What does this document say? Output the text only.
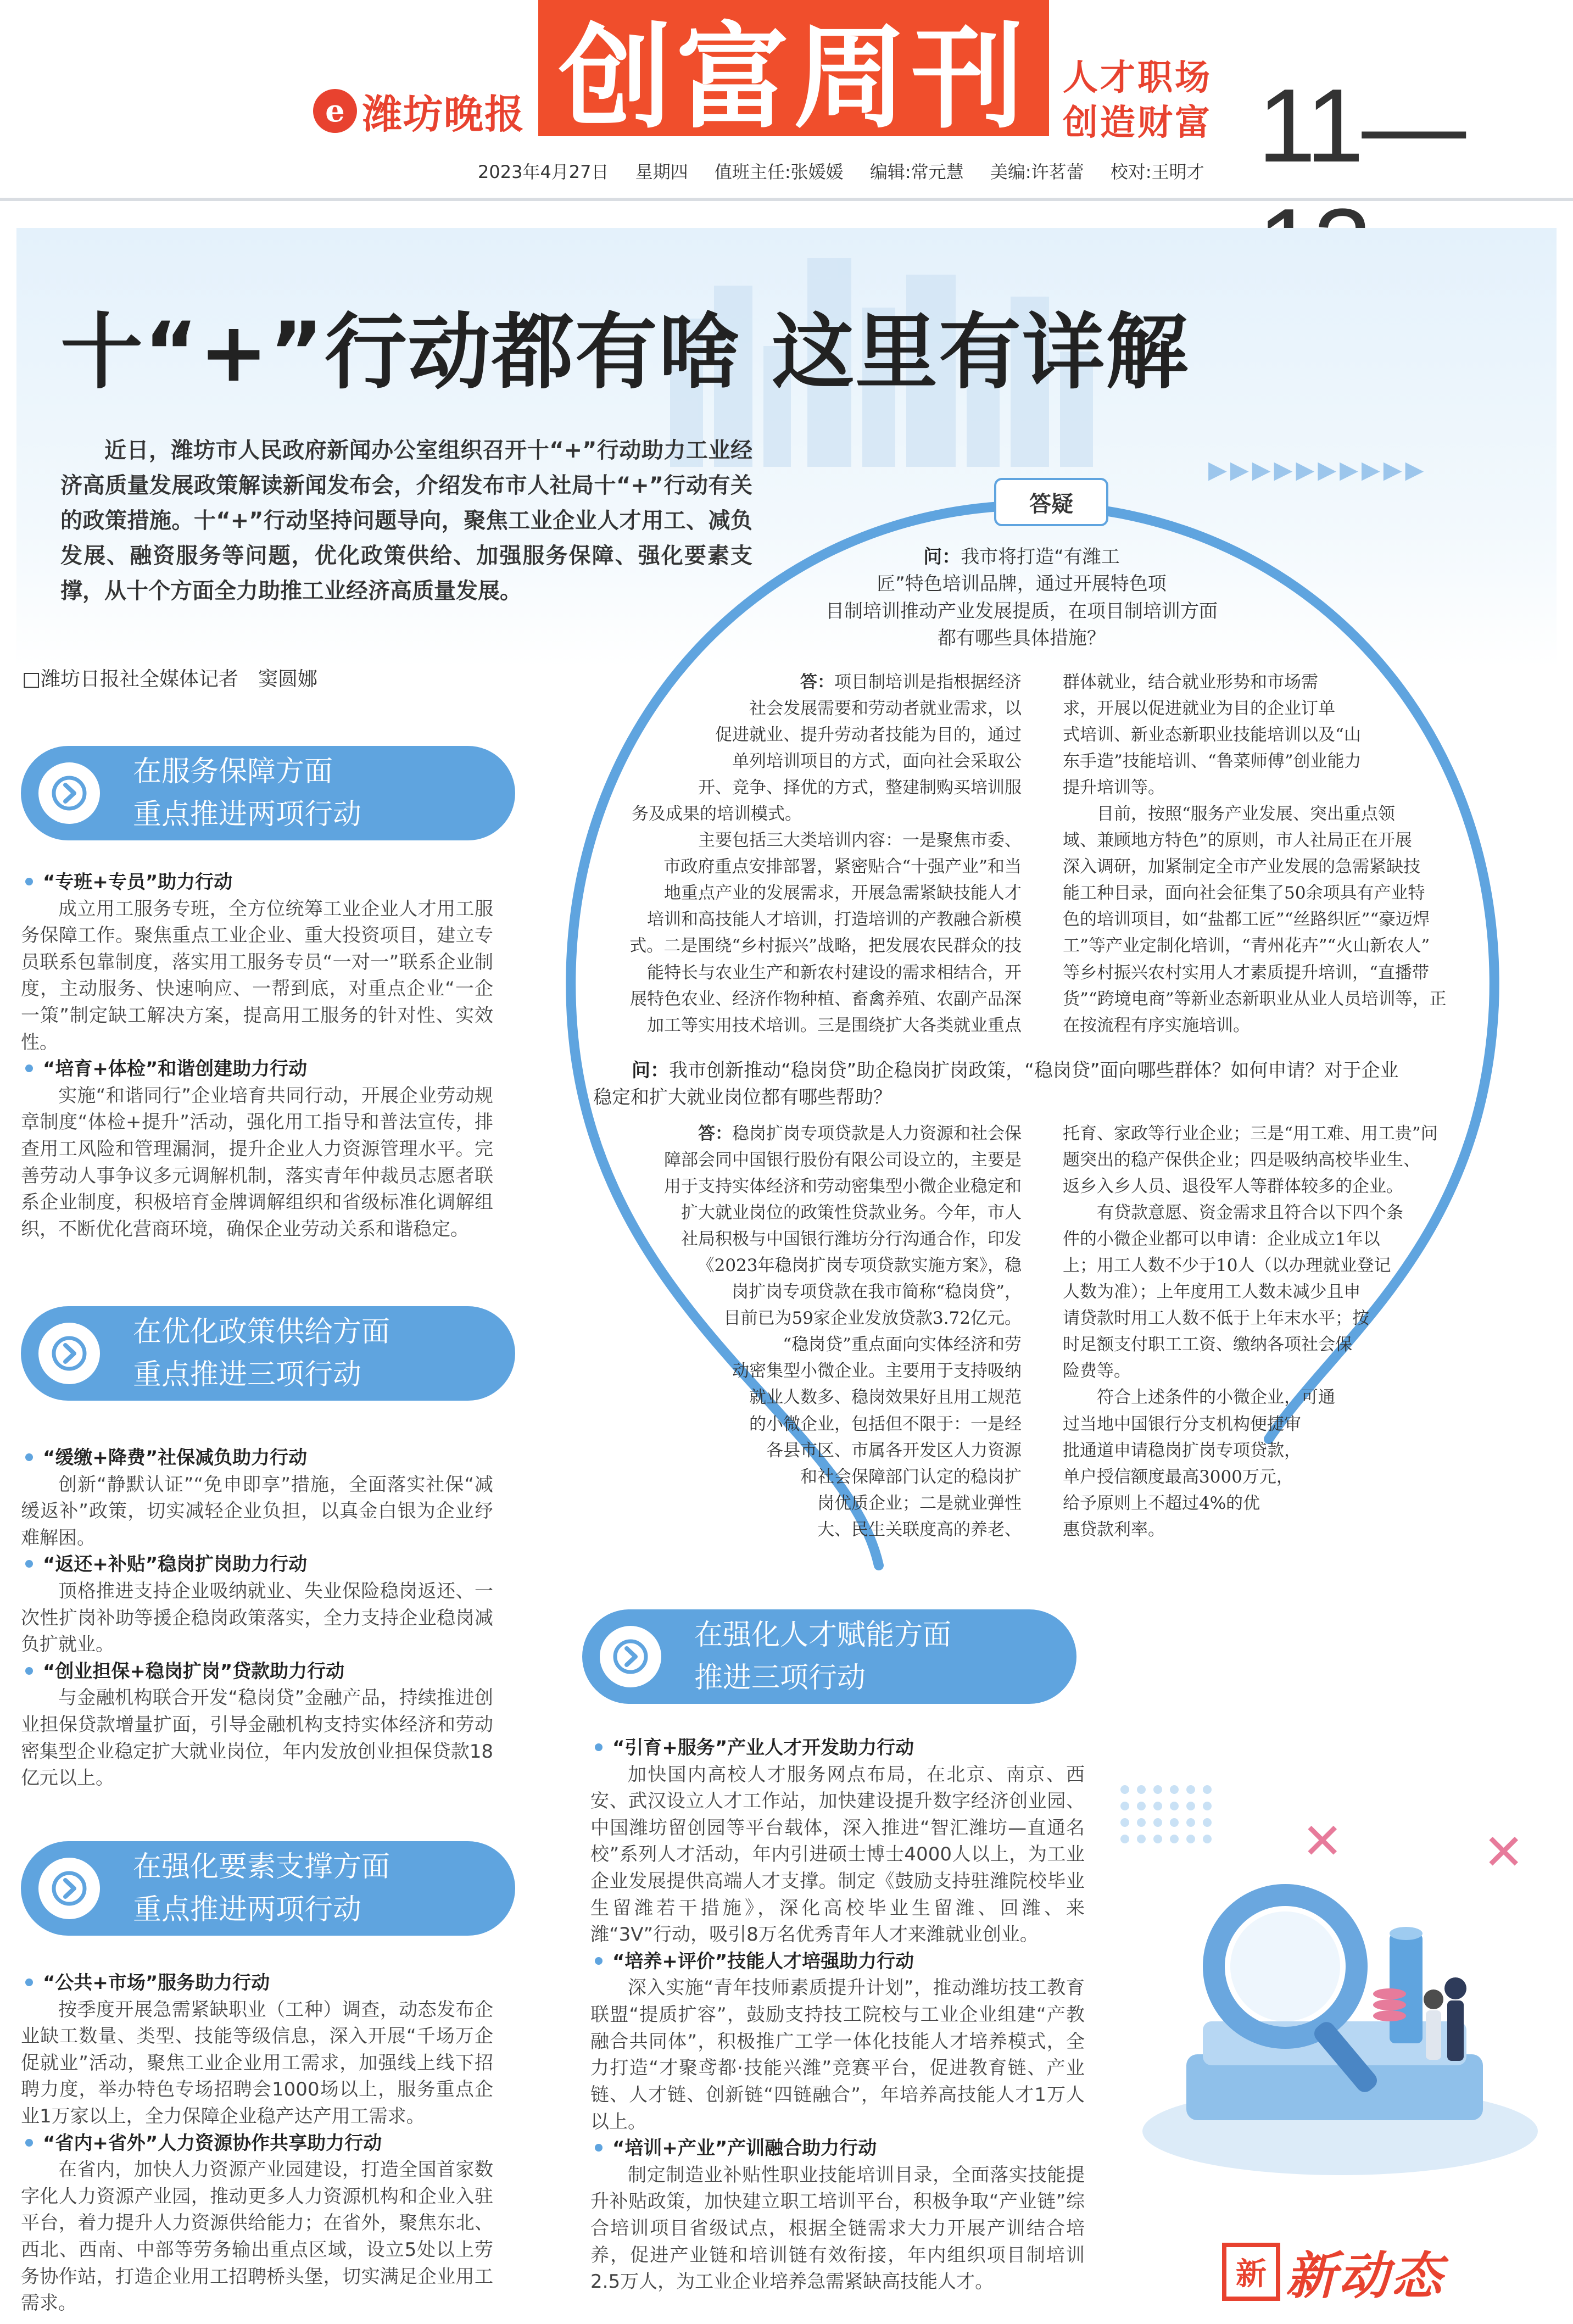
e 潍坊晚报 创富周刊 人才职场
创造财富 11—
2023年4月27日 星期四 值班主任:张媛媛 编辑:常元慧 美编:许茗蕾 校对:王明才
▶▶▶▶▶▶▶▶▶▶
十“+”行动都有啥 这里有详解
近日，潍坊市人民政府新闻办公室组织召开十“+”行动助力工业经济高质量发展政策解读新闻发布会，介绍发布市人社局十“+”行动有关的政策措施。十“+”行动坚持问题导向，聚焦工业企业人才用工、减负发展、融资服务等问题，优化政策供给、加强服务保障、强化要素支撑，从十个方面全力助推工业经济高质量发展。
□潍坊日报社全媒体记者　窦圆娜
在服务保障方面
重点推进两项行动
“专班+专员”助力行动
成立用工服务专班，全方位统筹工业企业人才用工服务保障工作。聚焦重点工业企业、重大投资项目，建立专员联系包靠制度，落实用工服务专员“一对一”联系企业制度，主动服务、快速响应、一帮到底，对重点企业“一企一策”制定缺工解决方案，提高用工服务的针对性、实效性。
“培育+体检”和谐创建助力行动
实施“和谐同行”企业培育共同行动，开展企业劳动规章制度“体检+提升”活动，强化用工指导和普法宣传，排查用工风险和管理漏洞，提升企业人力资源管理水平。完善劳动人事争议多元调解机制，落实青年仲裁员志愿者联系企业制度，积极培育金牌调解组织和省级标准化调解组织，不断优化营商环境，确保企业劳动关系和谐稳定。
在优化政策供给方面
重点推进三项行动
“缓缴+降费”社保减负助力行动
创新“静默认证”“免申即享”措施，全面落实社保“减缓返补”政策，切实减轻企业负担，以真金白银为企业纾难解困。
“返还+补贴”稳岗扩岗助力行动
顶格推进支持企业吸纳就业、失业保险稳岗返还、一次性扩岗补助等援企稳岗政策落实，全力支持企业稳岗减负扩就业。
“创业担保+稳岗扩岗”贷款助力行动
与金融机构联合开发“稳岗贷”金融产品，持续推进创业担保贷款增量扩面，引导金融机构支持实体经济和劳动密集型企业稳定扩大就业岗位，年内发放创业担保贷款18亿元以上。
在强化要素支撑方面
重点推进两项行动
“公共+市场”服务助力行动
按季度开展急需紧缺职业（工种）调查，动态发布企业缺工数量、类型、技能等级信息，深入开展“千场万企促就业”活动，聚焦工业企业用工需求，加强线上线下招聘力度，举办特色专场招聘会1000场以上，服务重点企业1万家以上，全力保障企业稳产达产用工需求。
“省内+省外”人力资源协作共享助力行动
在省内，加快人力资源产业园建设，打造全国首家数字化人力资源产业园，推动更多人力资源机构和企业入驻平台，着力提升人力资源供给能力；在省外，聚焦东北、西北、西南、中部等劳务输出重点区域，设立5处以上劳务协作站，打造企业用工招聘桥头堡，切实满足企业用工需求。
答疑
问：我市将打造“有潍工
匠”特色培训品牌，通过开展特色项
目制培训推动产业发展提质，在项目制培训方面
都有哪些具体措施？
答：项目制培训是指根据经济
社会发展需要和劳动者就业需求，以
促进就业、提升劳动者技能为目的，通过
单列培训项目的方式，面向社会采取公
开、竞争、择优的方式，整建制购买培训服
务及成果的培训模式。
　　主要包括三大类培训内容：一是聚焦市委、
市政府重点安排部署，紧密贴合“十强产业”和当
地重点产业的发展需求，开展急需紧缺技能人才
培训和高技能人才培训，打造培训的产教融合新模
式。二是围绕“乡村振兴”战略，把发展农民群众的技
能特长与农业生产和新农村建设的需求相结合，开
展特色农业、经济作物种植、畜禽养殖、农副产品深
加工等实用技术培训。三是围绕扩大各类就业重点
群体就业，结合就业形势和市场需
求，开展以促进就业为目的企业订单
式培训、新业态新职业技能培训以及“山
东手造”技能培训、“鲁菜师傅”创业能力
提升培训等。
　　目前，按照“服务产业发展、突出重点领
域、兼顾地方特色”的原则，市人社局正在开展
深入调研，加紧制定全市产业发展的急需紧缺技
能工种目录，面向社会征集了50余项具有产业特
色的培训项目，如“盐都工匠”“丝路织匠”“豪迈焊
工”等产业定制化培训，“青州花卉”“火山新农人”
等乡村振兴农村实用人才素质提升培训，“直播带
货”“跨境电商”等新业态新职业从业人员培训等，正
在按流程有序实施培训。
问：我市创新推动“稳岗贷”助企稳岗扩岗政策，“稳岗贷”面向哪些群体？如何申请？对于企业
稳定和扩大就业岗位都有哪些帮助？
答：稳岗扩岗专项贷款是人力资源和社会保
障部会同中国银行股份有限公司设立的，主要是
用于支持实体经济和劳动密集型小微企业稳定和
扩大就业岗位的政策性贷款业务。今年，市人
社局积极与中国银行潍坊分行沟通合作，印发
《2023年稳岗扩岗专项贷款实施方案》，稳
岗扩岗专项贷款在我市简称“稳岗贷”，
目前已为59家企业发放贷款3.72亿元。
　　“稳岗贷”重点面向实体经济和劳
动密集型小微企业。主要用于支持吸纳
就业人数多、稳岗效果好且用工规范
的小微企业，包括但不限于：一是经
各县市区、市属各开发区人力资源
和社会保障部门认定的稳岗扩
岗优质企业；二是就业弹性
大、民生关联度高的养老、
托育、家政等行业企业；三是“用工难、用工贵”问
题突出的稳产保供企业；四是吸纳高校毕业生、
返乡入乡人员、退役军人等群体较多的企业。
　　有贷款意愿、资金需求且符合以下四个条
件的小微企业都可以申请：企业成立1年以
上；用工人数不少于10人（以办理就业登记
人数为准）；上年度用工人数未减少且申
请贷款时用工人数不低于上年末水平；按
时足额支付职工工资、缴纳各项社会保
险费等。
　　符合上述条件的小微企业，可通
过当地中国银行分支机构便捷审
批通道申请稳岗扩岗专项贷款，
单户授信额度最高3000万元，
给予原则上不超过4%的优
惠贷款利率。
在强化人才赋能方面
推进三项行动
“引育+服务”产业人才开发助力行动
加快国内高校人才服务网点布局，在北京、南京、西安、武汉设立人才工作站，加快建设提升数字经济创业园、中国潍坊留创园等平台载体，深入推进“智汇潍坊—直通名校”系列人才活动，年内引进硕士博士4000人以上，为工业企业发展提供高端人才支撑。制定《鼓励支持驻潍院校毕业生留潍若干措施》，深化高校毕业生留潍、回潍、来潍“3V”行动，吸引8万名优秀青年人才来潍就业创业。
“培养+评价”技能人才培强助力行动
深入实施“青年技师素质提升计划”，推动潍坊技工教育联盟“提质扩容”，鼓励支持技工院校与工业企业组建“产教融合共同体”，积极推广工学一体化技能人才培养模式，全力打造“才聚鸢都·技能兴潍”竞赛平台，促进教育链、产业链、人才链、创新链“四链融合”，年培养高技能人才1万人以上。
“培训+产业”产训融合助力行动
制定制造业补贴性职业技能培训目录，全面落实技能提升补贴政策，加快建立职工培训平台，积极争取“产业链”综合培训项目省级试点，根据全链需求大力开展产训结合培养，促进产业链和培训链有效衔接，年内组织项目制培训2.5万人，为工业企业培养急需紧缺高技能人才。
✕	✕
新 新动态
